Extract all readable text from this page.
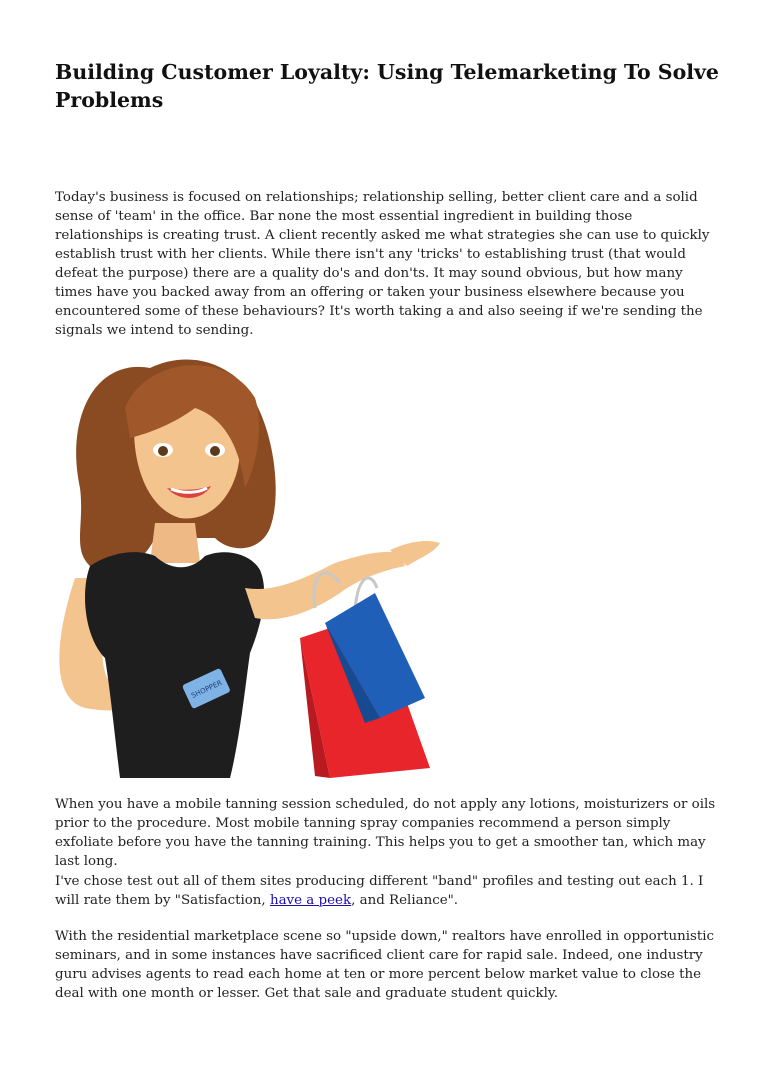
Building Customer Loyalty: Using Telemarketing To Solve Problems

Today's business is focused on relationships; relationship selling, better client care and a solid sense of 'team' in the office. Bar none the most essential ingredient in building those relationships is creating trust. A client recently asked me what strategies she can use to quickly establish trust with her clients. While there isn't any 'tricks' to establishing trust (that would defeat the purpose) there are a quality do's and don'ts. It may sound obvious, but how many times have you backed away from an offering or taken your business elsewhere because you encountered some of these behaviours? It's worth taking a and also seeing if we're sending the signals we intend to sending.

SHOPPER

When you have a mobile tanning session scheduled, do not apply any lotions, moisturizers or oils prior to the procedure. Most mobile tanning spray companies recommend a person simply exfoliate before you have the tanning training. This helps you to get a smoother tan, which may last long.

I've chose test out all of them sites producing different "band" profiles and testing out each 1. I will rate them by "Satisfaction, have a peek, and Reliance".

With the residential marketplace scene so "upside down," realtors have enrolled in opportunistic seminars, and in some instances have sacrificed client care for rapid sale. Indeed, one industry guru advises agents to read each home at ten or more percent below market value to close the deal with one month or lesser. Get that sale and graduate student quickly.
